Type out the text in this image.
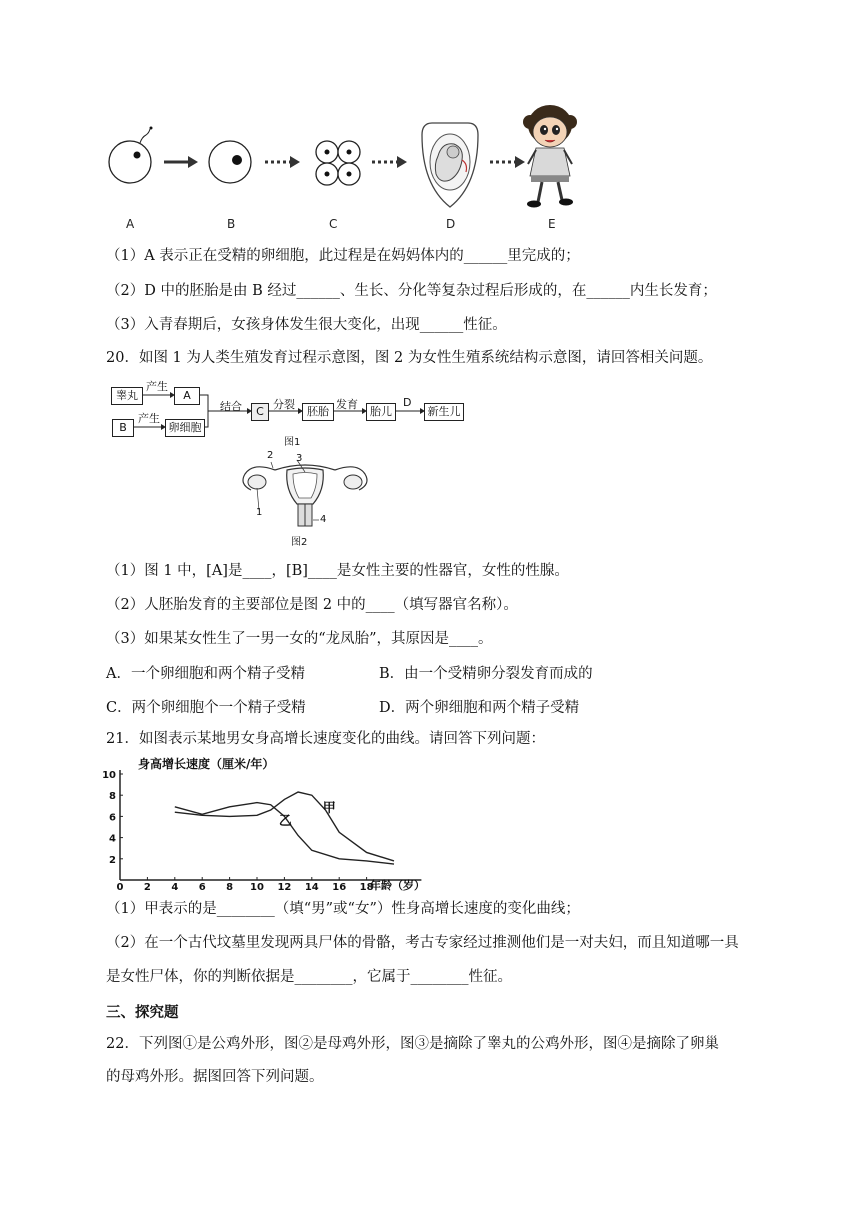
A	B	C	D	E
（1）A 表示正在受精的卵细胞，此过程是在妈妈体内的______里完成的；
（2）D 中的胚胎是由 B 经过______、生长、分化等复杂过程后形成的，在______内生长发育；
（3）入青春期后，女孩身体发生很大变化，出现______性征。
20．如图 1 为人类生殖发育过程示意图，图 2 为女性生殖系统结构示意图，请回答相关问题。
睾丸
产生
A
B
产生
卵细胞
结合	C
分裂
胚胎
发育
胎儿
D
新生儿
图1
1
2 3
4
图2
（1）图 1 中，[A]是____，[B]____是女性主要的性器官，女性的性腺。
（2）人胚胎发育的主要部位是图 2 中的____（填写器官名称）。
（3）如果某女性生了一男一女的“龙凤胎”，其原因是____。
A．一个卵细胞和两个精子受精	B．由一个受精卵分裂发育而成的
C．两个卵细胞个一个精子受精	D．两个卵细胞和两个精子受精
21．如图表示某地男女身高增长速度变化的曲线。请回答下列问题：
0 2 4 6 8 10 12 14 16 18
2
4
6
8
10
甲
乙
身高增长速度（厘米/年）
年龄（岁）
（1）甲表示的是________（填“男”或“女”）性身高增长速度的变化曲线；
（2）在一个古代坟墓里发现两具尸体的骨骼，考古专家经过推测他们是一对夫妇，而且知道哪一具
是女性尸体，你的判断依据是________，它属于________性征。
三、探究题
22．下列图①是公鸡外形，图②是母鸡外形，图③是摘除了睾丸的公鸡外形，图④是摘除了卵巢
的母鸡外形。据图回答下列问题。
